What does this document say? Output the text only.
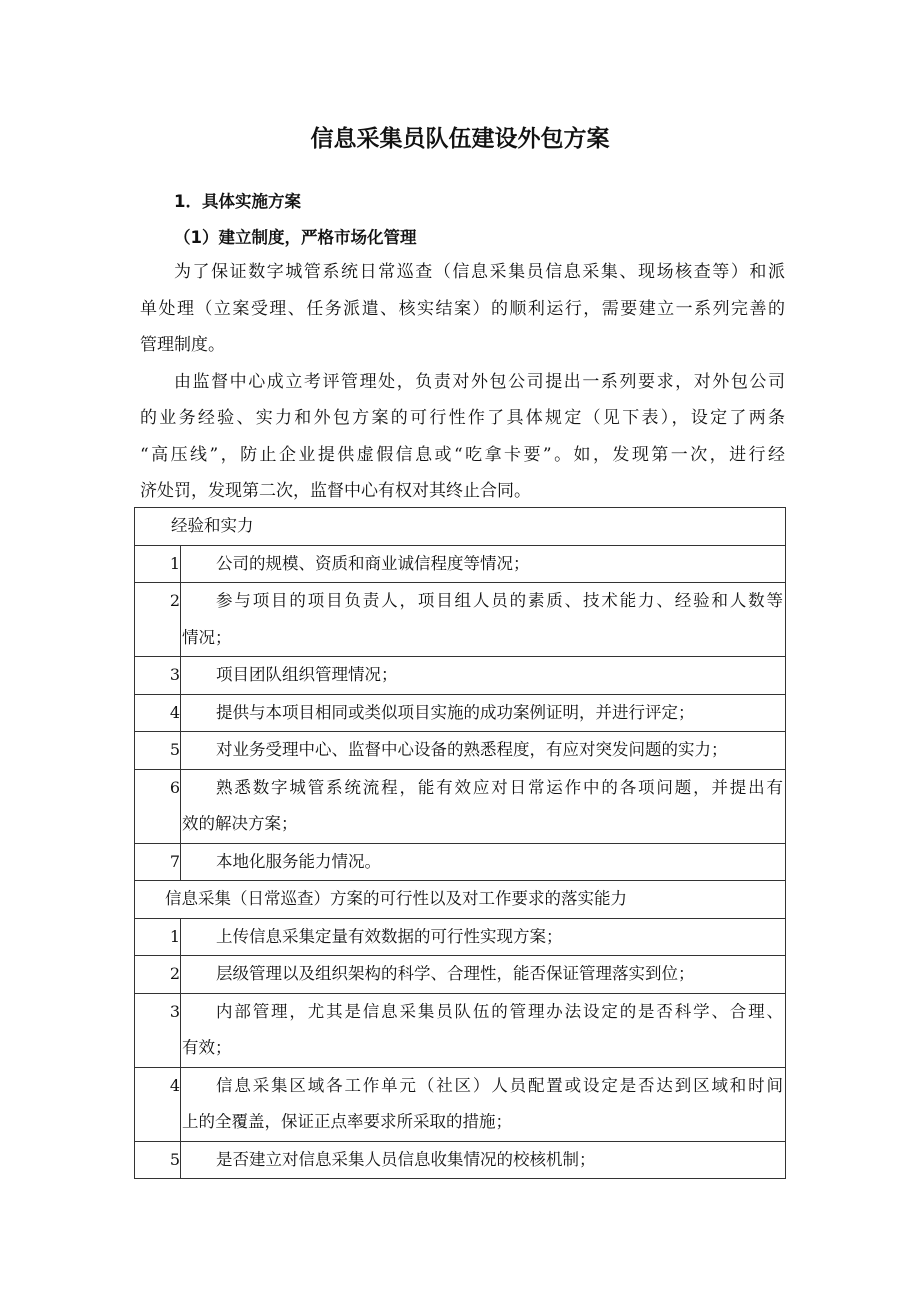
信息采集员队伍建设外包方案
1．具体实施方案
（1）建立制度，严格市场化管理
为了保证数字城管系统日常巡查（信息采集员信息采集、现场核查等）和派
单处理（立案受理、任务派遣、核实结案）的顺利运行，需要建立一系列完善的
管理制度。
由监督中心成立考评管理处，负责对外包公司提出一系列要求，对外包公司
的业务经验、实力和外包方案的可行性作了具体规定（见下表），设定了两条
“高压线”，防止企业提供虚假信息或“吃拿卡要”。如，发现第一次，进行经
济处罚，发现第二次，监督中心有权对其终止合同。
经验和实力	

1	公司的规模、资质和商业诚信程度等情况；

2	参与项目的项目负责人，项目组人员的素质、技术能力、经验和人数等
情况；

3	项目团队组织管理情况；

4	提供与本项目相同或类似项目实施的成功案例证明，并进行评定；

5	对业务受理中心、监督中心设备的熟悉程度，有应对突发问题的实力；

6	熟悉数字城管系统流程，能有效应对日常运作中的各项问题，并提出有
效的解决方案；

7	本地化服务能力情况。

信息采集（日常巡查）方案的可行性以及对工作要求的落实能力	

1	上传信息采集定量有效数据的可行性实现方案；

2	层级管理以及组织架构的科学、合理性，能否保证管理落实到位；

3	内部管理，尤其是信息采集员队伍的管理办法设定的是否科学、合理、
有效；

4	信息采集区域各工作单元（社区）人员配置或设定是否达到区域和时间
上的全覆盖，保证正点率要求所采取的措施；

5	是否建立对信息采集人员信息收集情况的校核机制；
